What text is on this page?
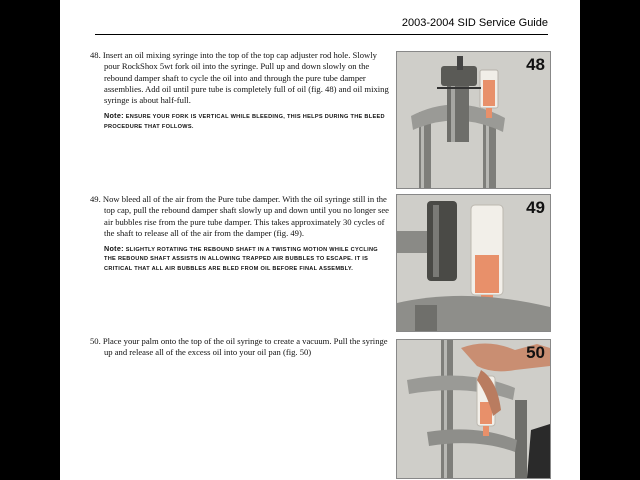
2003-2004 SID Service Guide

48. Insert an oil mixing syringe into the top of the top cap adjuster rod hole. Slowly pour RockShox 5wt fork oil into the syringe. Pull up and down slowly on the rebound damper shaft to cycle the oil into and through the pure tube damper assemblies. Add oil until pure tube is completely full of oil (fig. 48) and oil mixing syringe is about half-full.

Note: ENSURE YOUR FORK IS VERTICAL WHILE BLEEDING, THIS HELPS DURING THE BLEED PROCEDURE THAT FOLLOWS.

49. Now bleed all of the air from the Pure tube damper. With the oil syringe still in the top cap, pull the rebound damper shaft slowly up and down until you no longer see air bubbles rise from the pure tube damper. This takes approximately 30 cycles of the shaft to release all of the air from the damper (fig. 49).

Note: SLIGHTLY ROTATING THE REBOUND SHAFT IN A TWISTING MOTION WHILE CYCLING THE REBOUND SHAFT ASSISTS IN ALLOWING TRAPPED AIR BUBBLES TO ESCAPE. IT IS CRITICAL THAT ALL AIR BUBBLES ARE BLED FROM OIL BEFORE FINAL ASSEMBLY.

50. Place your palm onto the top of the oil syringe to create a vacuum. Pull the syringe up and release all of the excess oil into your oil pan (fig. 50)

48
49
50
